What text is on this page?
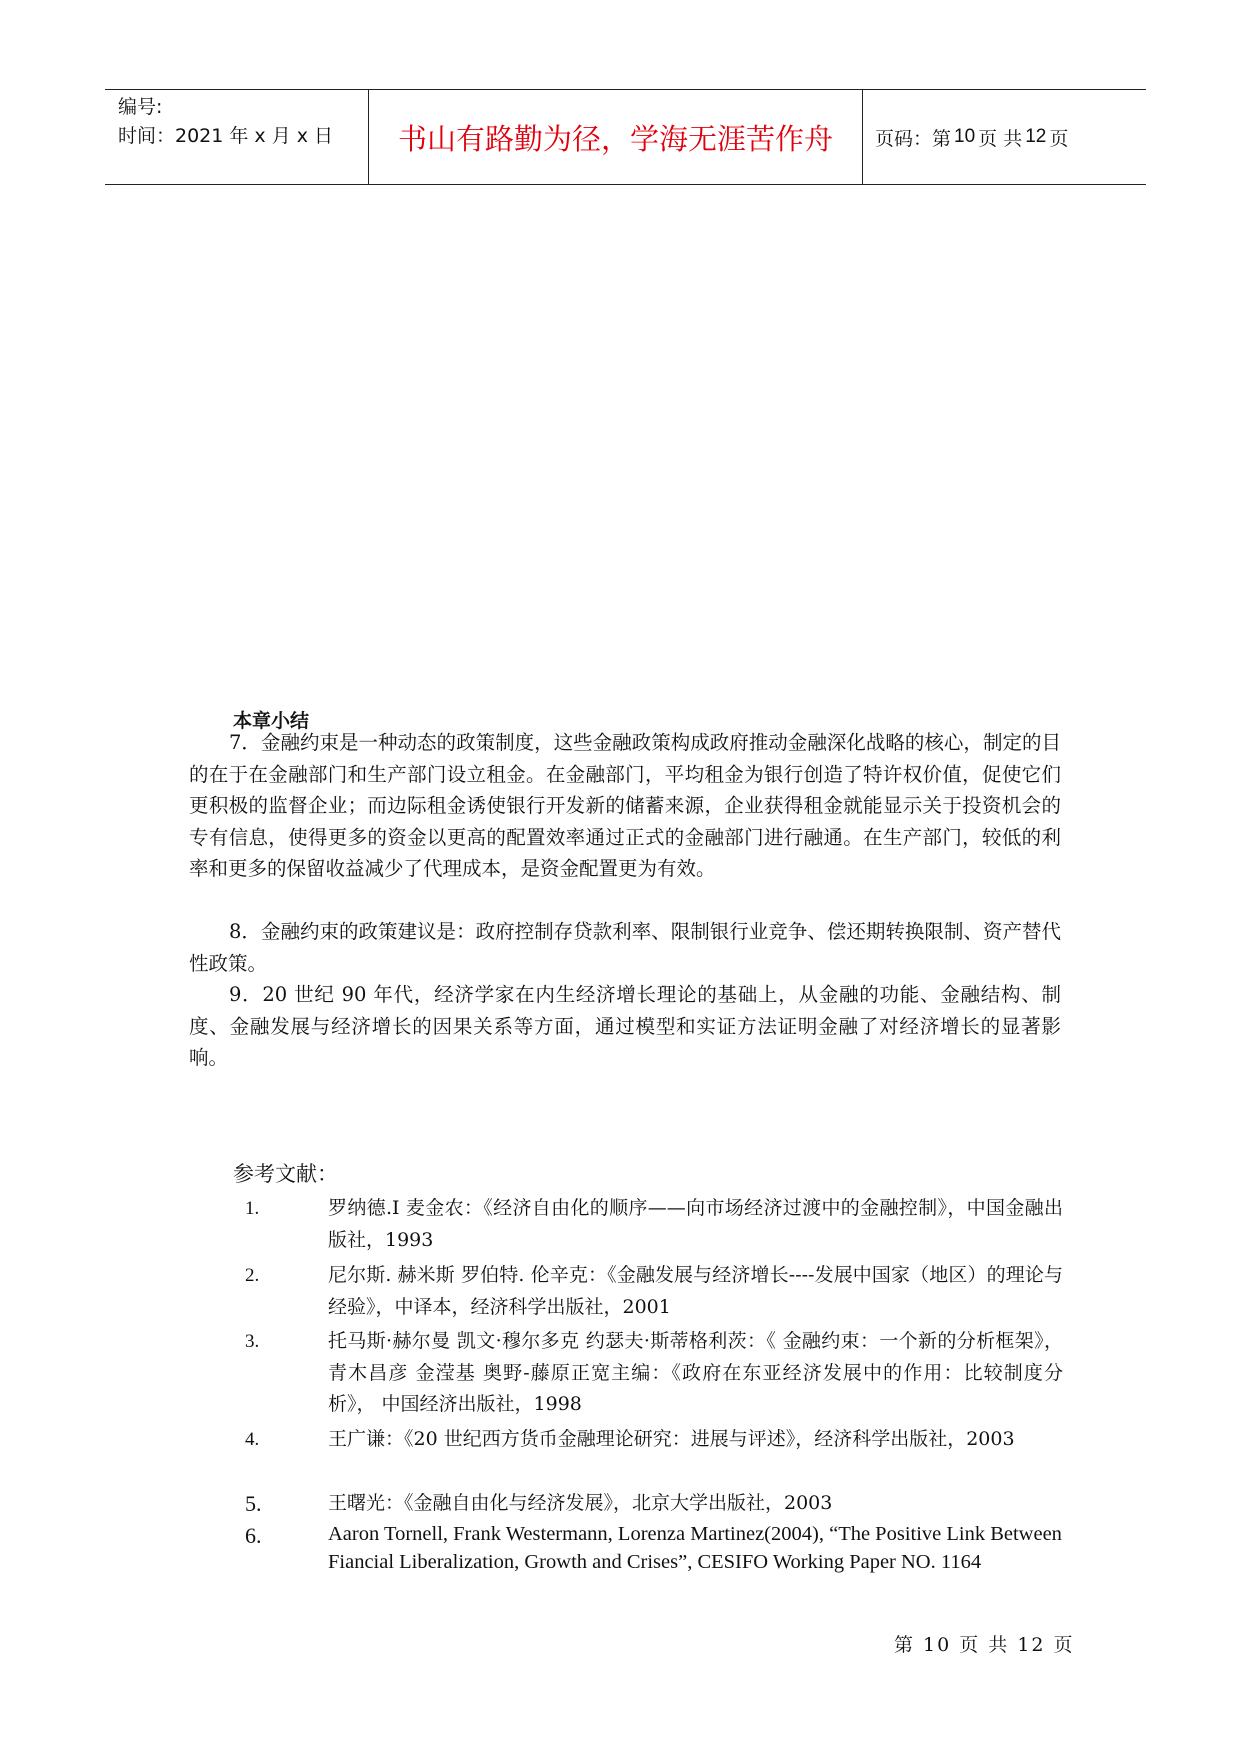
编号:
时间：2021 年 x 月 x 日	书山有路勤为径，学海无涯苦作舟	页码：第 10 页 共 12 页
本章小结

7．金融约束是一种动态的政策制度，这些金融政策构成政府推动金融深化战略的核心，制定的目的在于在金融部门和生产部门设立租金。在金融部门，平均租金为银行创造了特许权价值，促使它们更积极的监督企业；而边际租金诱使银行开发新的储蓄来源，企业获得租金就能显示关于投资机会的专有信息，使得更多的资金以更高的配置效率通过正式的金融部门进行融通。在生产部门，较低的利率和更多的保留收益减少了代理成本，是资金配置更为有效。

8．金融约束的政策建议是：政府控制存贷款利率、限制银行业竞争、偿还期转换限制、资产替代性政策。

9．20 世纪 90 年代，经济学家在内生经济增长理论的基础上，从金融的功能、金融结构、制度、金融发展与经济增长的因果关系等方面，通过模型和实证方法证明金融了对经济增长的显著影响。

参考文献：
1.	罗纳德.I 麦金农：《经济自由化的顺序——向市场经济过渡中的金融控制》，中国金融出版社，1993
2.	尼尔斯. 赫米斯 罗伯特. 伦辛克：《金融发展与经济增长----发展中国家（地区）的理论与经验》，中译本，经济科学出版社，2001
3.	托马斯·赫尔曼 凯文·穆尔多克 约瑟夫·斯蒂格利茨：《 金融约束：一个新的分析框架》，青木昌彦 金滢基 奥野-藤原正宽主编：《政府在东亚经济发展中的作用：比较制度分析》， 中国经济出版社，1998
4.	王广谦：《20 世纪西方货币金融理论研究：进展与评述》，经济科学出版社，2003
5.	王曙光：《金融自由化与经济发展》，北京大学出版社，2003
6.	Aaron Tornell, Frank Westermann, Lorenza Martinez(2004), “The Positive Link Between Fiancial Liberalization, Growth and Crises”, CESIFO Working Paper NO. 1164
第 10 页 共 12 页
